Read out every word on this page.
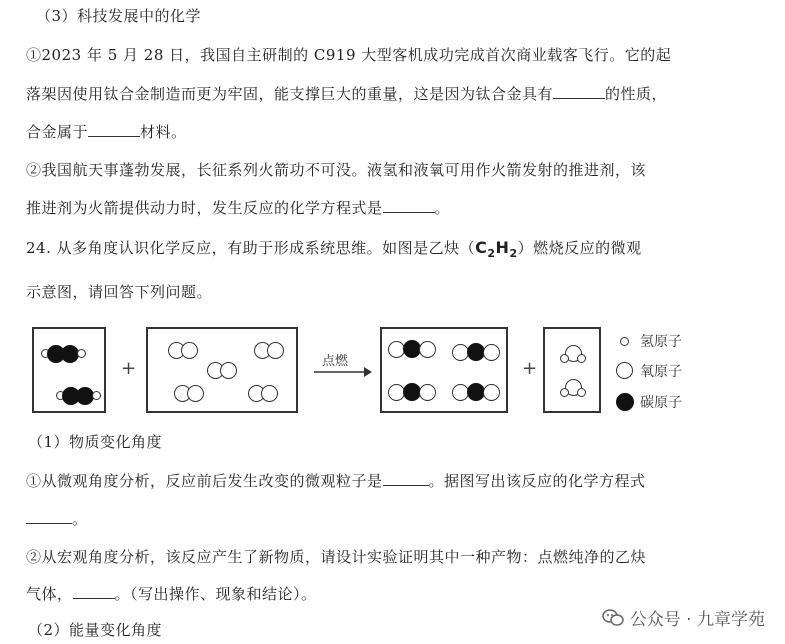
（3）科技发展中的化学
①2023 年 5 月 28 日，我国自主研制的 C919 大型客机成功完成首次商业载客飞行。它的起
落架因使用钛合金制造而更为牢固，能支撑巨大的重量，这是因为钛合金具有	的性质，
合金属于	材料。
②我国航天事蓬勃发展，长征系列火箭功不可没。液氢和液氧可用作火箭发射的推进剂，该
推进剂为火箭提供动力时，发生反应的化学方程式是	。
24. 从多角度认识化学反应，有助于形成系统思维。如图是乙炔$(C_2H_2)$燃烧反应的微观
示意图，请回答下列问题。
+	点燃	+
氢原子
氧原子
碳原子
（1）物质变化角度
①从微观角度分析，反应前后发生改变的微观粒子是	。据图写出该反应的化学方程式
。
②从宏观角度分析，该反应产生了新物质，请设计实验证明其中一种产物：点燃纯净的乙炔
气体，	。（写出操作、现象和结论）。
（2）能量变化角度	公众号 · 九章学苑
